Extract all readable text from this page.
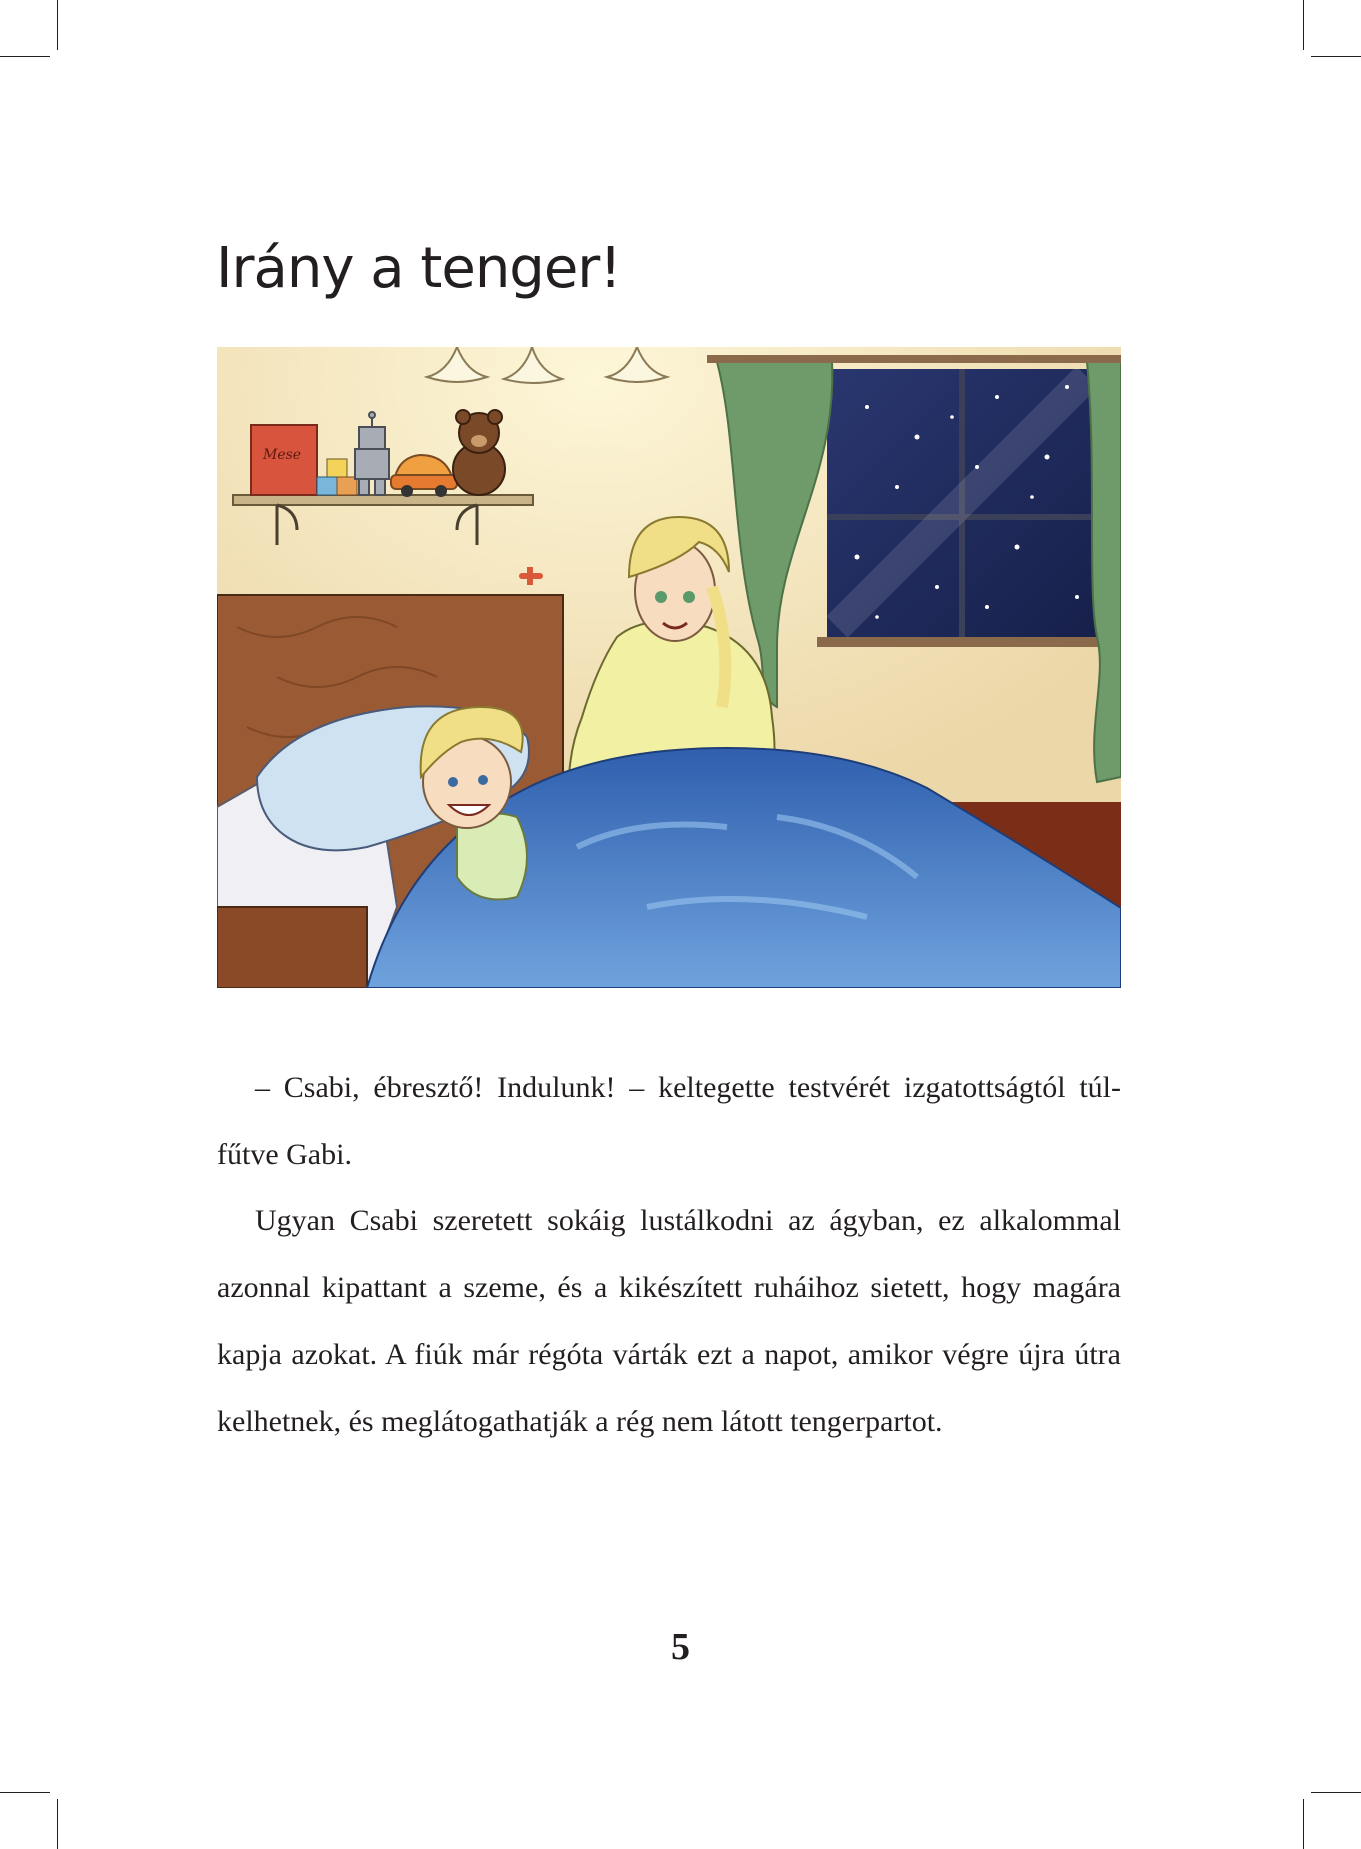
Irány a tenger!
Mese

– Csabi, ébresztő! Indulunk! – keltegette testvérét izgatottságtól túl-fűtve Gabi.

Ugyan Csabi szeretett sokáig lustálkodni az ágyban, ez alkalommal azonnal kipattant a szeme, és a kikészített ruháihoz sietett, hogy magára kapja azokat. A fiúk már régóta várták ezt a napot, amikor végre újra útra kelhetnek, és meglátogathatják a rég nem látott tengerpartot.

5
